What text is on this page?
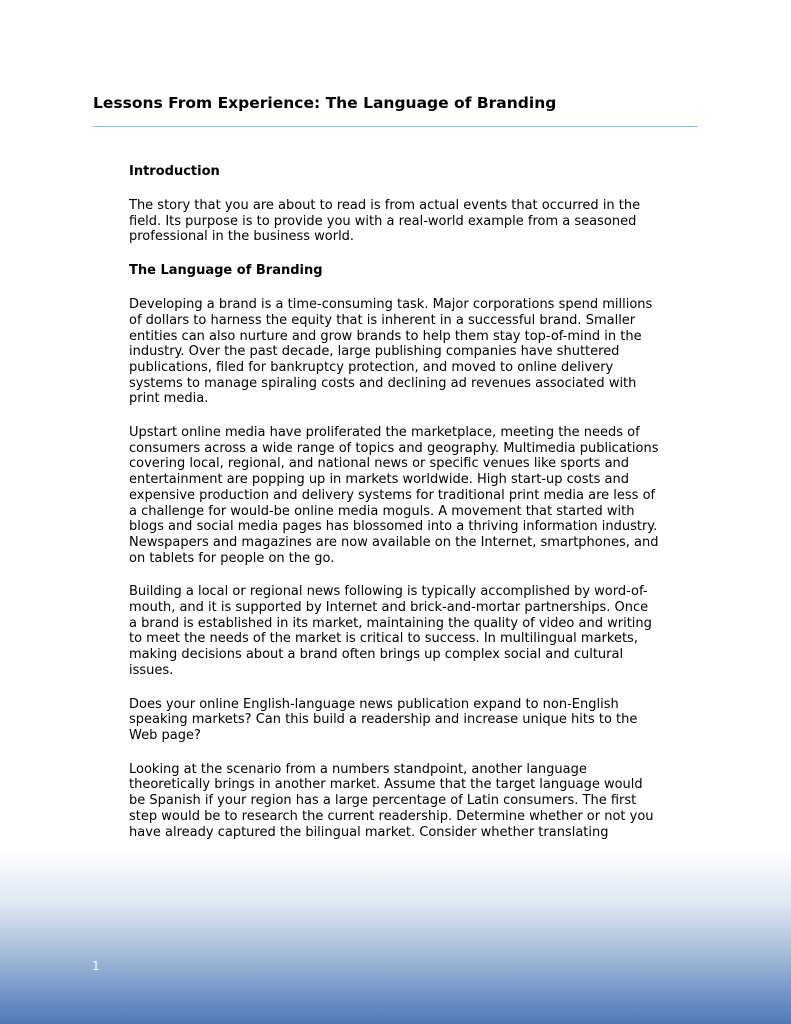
Lessons From Experience: The Language of Branding
Introduction
The story that you are about to read is from actual events that occurred in the field. Its purpose is to provide you with a real-world example from a seasoned professional in the business world.
The Language of Branding
Developing a brand is a time-consuming task. Major corporations spend millions of dollars to harness the equity that is inherent in a successful brand. Smaller entities can also nurture and grow brands to help them stay top-of-mind in the industry. Over the past decade, large publishing companies have shuttered publications, filed for bankruptcy protection, and moved to online delivery systems to manage spiraling costs and declining ad revenues associated with print media.
Upstart online media have proliferated the marketplace, meeting the needs of consumers across a wide range of topics and geography. Multimedia publications covering local, regional, and national news or specific venues like sports and entertainment are popping up in markets worldwide. High start-up costs and expensive production and delivery systems for traditional print media are less of a challenge for would-be online media moguls. A movement that started with blogs and social media pages has blossomed into a thriving information industry. Newspapers and magazines are now available on the Internet, smartphones, and on tablets for people on the go.
Building a local or regional news following is typically accomplished by word-of-mouth, and it is supported by Internet and brick-and-mortar partnerships. Once a brand is established in its market, maintaining the quality of video and writing to meet the needs of the market is critical to success. In multilingual markets, making decisions about a brand often brings up complex social and cultural issues.
Does your online English-language news publication expand to non-English speaking markets? Can this build a readership and increase unique hits to the Web page?
Looking at the scenario from a numbers standpoint, another language theoretically brings in another market. Assume that the target language would be Spanish if your region has a large percentage of Latin consumers. The first step would be to research the current readership. Determine whether or not you have already captured the bilingual market. Consider whether translating
1
